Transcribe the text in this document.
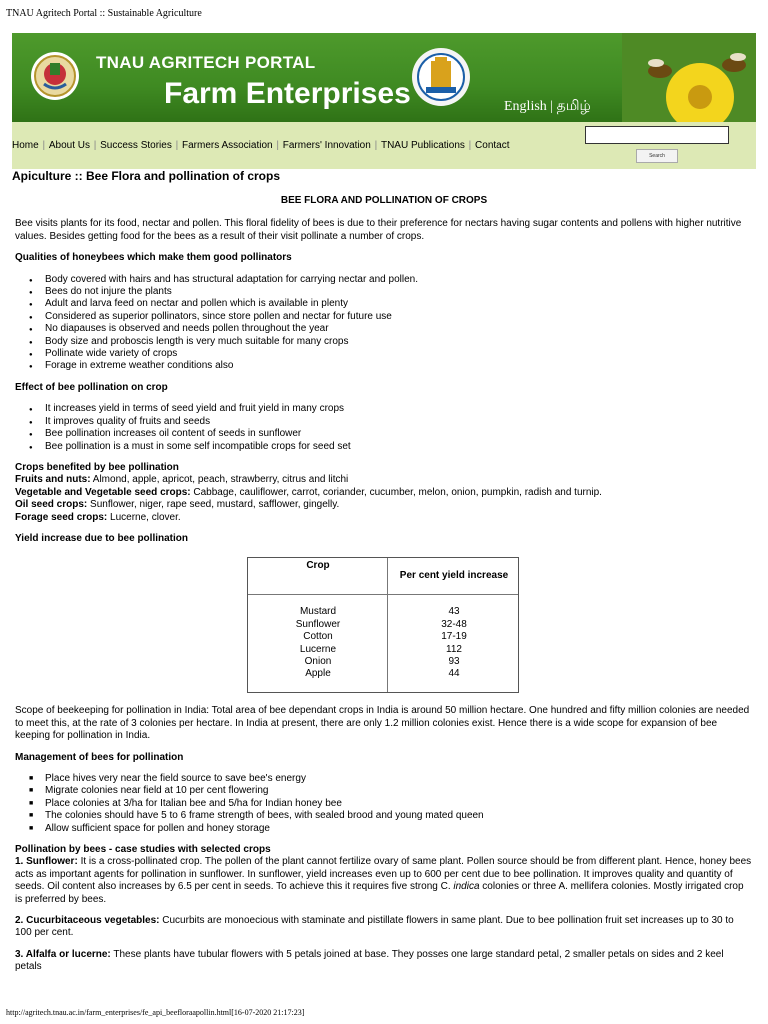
TNAU Agritech Portal :: Sustainable Agriculture
TNAU AGRITECH PORTAL
Farm Enterprises	English | தமிழ்
Home | About Us | Success Stories | Farmers Association | Farmers' Innovation | TNAU Publications | Contact
Search
Apiculture :: Bee Flora and pollination of crops
BEE FLORA AND POLLINATION OF CROPS

Bee visits plants for its food, nectar and pollen. This floral fidelity of bees is due to their preference for nectars having sugar contents and pollens with higher nutritive values. Besides getting food for the bees as a result of their visit pollinate a number of crops.

Qualities of honeybees which make them good pollinators
● Body covered with hairs and has structural adaptation for carrying nectar and pollen.
● Bees do not injure the plants
● Adult and larva feed on nectar and pollen which is available in plenty
● Considered as superior pollinators, since store pollen and nectar for future use
● No diapauses is observed and needs pollen throughout the year
● Body size and proboscis length is very much suitable for many crops
● Pollinate wide variety of crops
● Forage in extreme weather conditions also
Effect of bee pollination on crop
● It increases yield in terms of seed yield and fruit yield in many crops
● It improves quality of fruits and seeds
● Bee pollination increases oil content of seeds in sunflower
● Bee pollination is a must in some self incompatible crops for seed set
Crops benefited by bee pollination
Fruits and nuts: Almond, apple, apricot, peach, strawberry, citrus and litchi
Vegetable and Vegetable seed crops: Cabbage, cauliflower, carrot, coriander, cucumber, melon, onion, pumpkin, radish and turnip.
Oil seed crops: Sunflower, niger, rape seed, mustard, safflower, gingelly.
Forage seed crops: Lucerne, clover.
Yield increase due to bee pollination
Crop
Per cent yield increase
Mustard
Sunflower
Cotton
Lucerne
Onion
Apple
43
32-48
17-19
112
93
44

Scope of beekeeping for pollination in India: Total area of bee dependant crops in India is around 50 million hectare. One hundred and fifty million colonies are needed to meet this, at the rate of 3 colonies per hectare. In India at present, there are only 1.2 million colonies exist. Hence there is a wide scope for expansion of bee keeping for pollination in India.

Management of bees for pollination
■ Place hives very near the field source to save bee's energy
■ Migrate colonies near field at 10 per cent flowering
■ Place colonies at 3/ha for Italian bee and 5/ha for Indian honey bee
■ The colonies should have 5 to 6 frame strength of bees, with sealed brood and young mated queen
■ Allow sufficient space for pollen and honey storage
Pollination by bees - case studies with selected crops

1. Sunflower: It is a cross-pollinated crop. The pollen of the plant cannot fertilize ovary of same plant. Pollen source should be from different plant. Hence, honey bees acts as important agents for pollination in sunflower. In sunflower, yield increases even up to 600 per cent due to bee pollination. It improves quality and quantity of seeds. Oil content also increases by 6.5 per cent in seeds. To achieve this it requires five strong C. indica colonies or three A. mellifera colonies. Mostly irrigated crop is preferred by bees.

2. Cucurbitaceous vegetables: Cucurbits are monoecious with staminate and pistillate flowers in same plant. Due to bee pollination fruit set increases up to 30 to 100 per cent.

3. Alfalfa or lucerne: These plants have tubular flowers with 5 petals joined at base. They posses one large standard petal, 2 smaller petals on sides and 2 keel petals

http://agritech.tnau.ac.in/farm_enterprises/fe_api_beefloraapollin.html[16-07-2020 21:17:23]
